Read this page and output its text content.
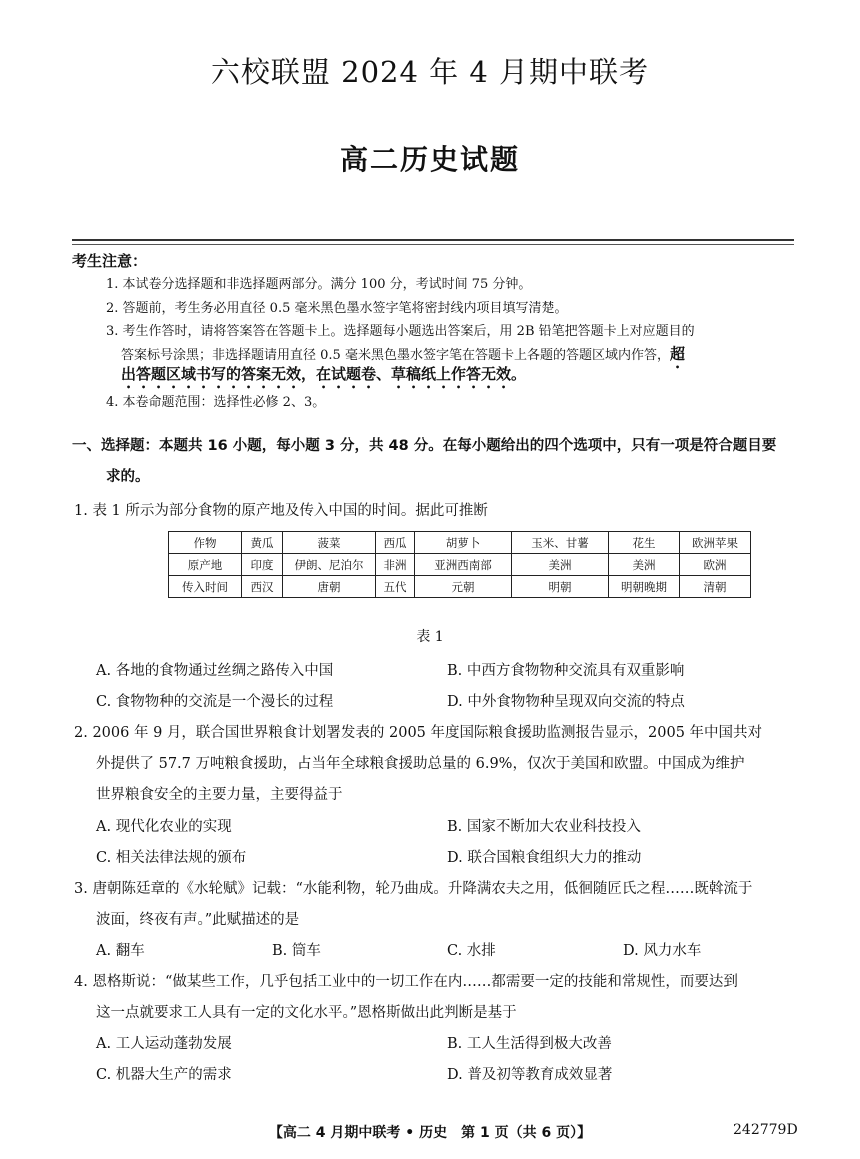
六校联盟 2024 年 4 月期中联考
高二历史试题
考生注意：
1. 本试卷分选择题和非选择题两部分。满分 100 分，考试时间 75 分钟。
2. 答题前，考生务必用直径 0.5 毫米黑色墨水签字笔将密封线内项目填写清楚。
3. 考生作答时，请将答案答在答题卡上。选择题每小题选出答案后，用 2B 铅笔把答题卡上对应题目的
答案标号涂黑；非选择题请用直径 0.5 毫米黑色墨水签字笔在答题卡上各题的答题区域内作答，超
出答题区域书写的答案无效，在试题卷、草稿纸上作答无效。
4. 本卷命题范围：选择性必修 2、3。
一、选择题：本题共 16 小题，每小题 3 分，共 48 分。在每小题给出的四个选项中，只有一项是符合题目要
求的。
1. 表 1 所示为部分食物的原产地及传入中国的时间。据此可推断
作物	黄瓜	菠菜	西瓜	胡萝卜	玉米、甘薯	花生	欧洲苹果
原产地	印度	伊朗、尼泊尔	非洲	亚洲西南部	美洲	美洲	欧洲
传入时间	西汉	唐朝	五代	元朝	明朝	明朝晚期	清朝
表 1
A. 各地的食物通过丝绸之路传入中国	B. 中西方食物物种交流具有双重影响
C. 食物物种的交流是一个漫长的过程	D. 中外食物物种呈现双向交流的特点
2. 2006 年 9 月，联合国世界粮食计划署发表的 2005 年度国际粮食援助监测报告显示，2005 年中国共对
外提供了 57.7 万吨粮食援助，占当年全球粮食援助总量的 6.9%，仅次于美国和欧盟。中国成为维护
世界粮食安全的主要力量，主要得益于
A. 现代化农业的实现	B. 国家不断加大农业科技投入
C. 相关法律法规的颁布	D. 联合国粮食组织大力的推动
3. 唐朝陈廷章的《水轮赋》记载：“水能利物，轮乃曲成。升降满农夫之用，低徊随匠氏之程……既斡流于
波面，终夜有声。”此赋描述的是
A. 翻车	B. 筒车	C. 水排	D. 风力水车
4. 恩格斯说：“做某些工作，几乎包括工业中的一切工作在内……都需要一定的技能和常规性，而要达到
这一点就要求工人具有一定的文化水平。”恩格斯做出此判断是基于
A. 工人运动蓬勃发展	B. 工人生活得到极大改善
C. 机器大生产的需求	D. 普及初等教育成效显著
【高二 4 月期中联考 • 历史　第 1 页（共 6 页）】	242779D
